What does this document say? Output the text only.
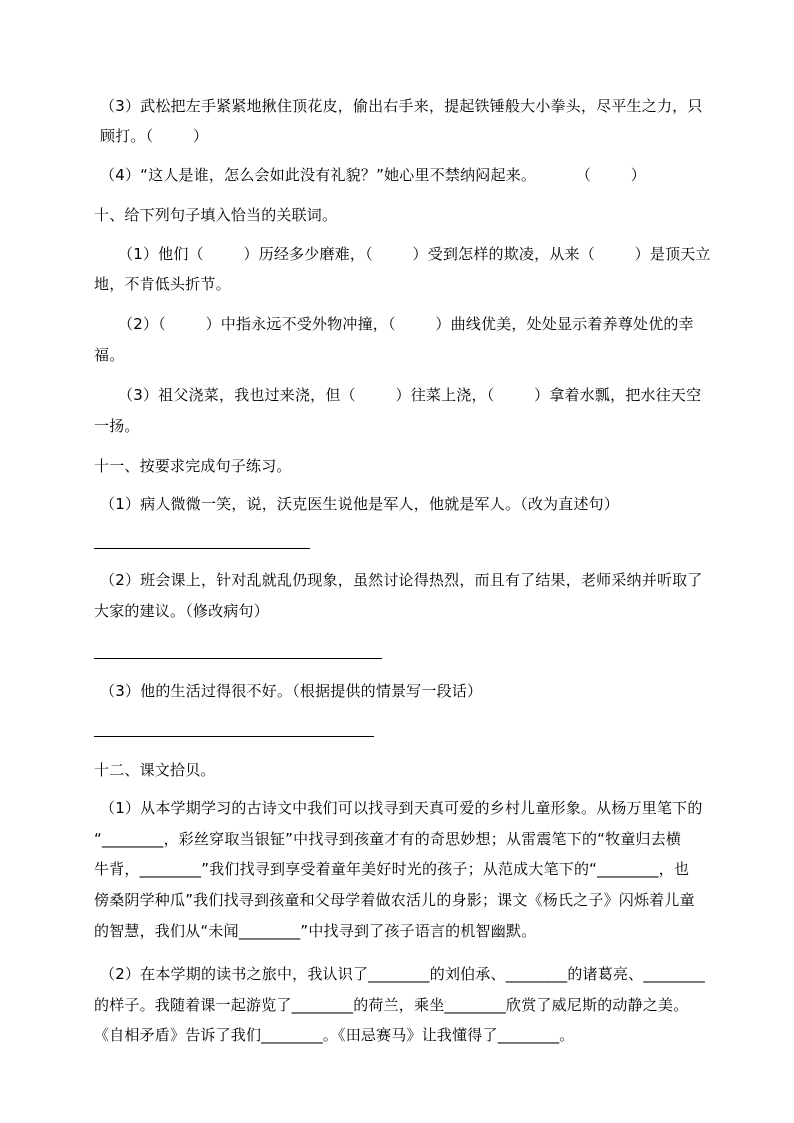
（3）武松把左手紧紧地揪住顶花皮，偷出右手来，提起铁锤般大小拳头，尽平生之力，只
顾打。（        ）
（4）“这人是谁，怎么会如此没有礼貌？”她心里不禁纳闷起来。        （        ）
十、给下列句子填入恰当的关联词。
（1）他们（        ）历经多少磨难，（        ）受到怎样的欺凌，从来（        ）是顶天立
地，不肯低头折节。
（2）（        ）中指永远不受外物冲撞，（        ）曲线优美，处处显示着养尊处优的幸
福。
（3）祖父浇菜，我也过来浇，但（        ）往菜上浇，（        ）拿着水瓢，把水往天空
一扬。
十一、按要求完成句子练习。
（1）病人微微一笑，说，沃克医生说他是军人，他就是军人。（改为直述句）
（2）班会课上，针对乱就乱仍现象，虽然讨论得热烈，而且有了结果，老师采纳并听取了
大家的建议。（修改病句）
（3）他的生活过得很不好。（根据提供的情景写一段话）
十二、课文拾贝。
（1）从本学期学习的古诗文中我们可以找寻到天真可爱的乡村儿童形象。从杨万里笔下的
“________，彩丝穿取当银钲”中找寻到孩童才有的奇思妙想；从雷震笔下的“牧童归去横
牛背，________”我们找寻到享受着童年美好时光的孩子；从范成大笔下的“________，也
傍桑阴学种瓜”我们找寻到孩童和父母学着做农活儿的身影；课文《杨氏之子》闪烁着儿童
的智慧，我们从“未闻________”中找寻到了孩子语言的机智幽默。
（2）在本学期的读书之旅中，我认识了________的刘伯承、________的诸葛亮、________
的样子。我随着课一起游览了________的荷兰，乘坐________欣赏了威尼斯的动静之美。
《自相矛盾》告诉了我们________。《田忌赛马》让我懂得了________。
